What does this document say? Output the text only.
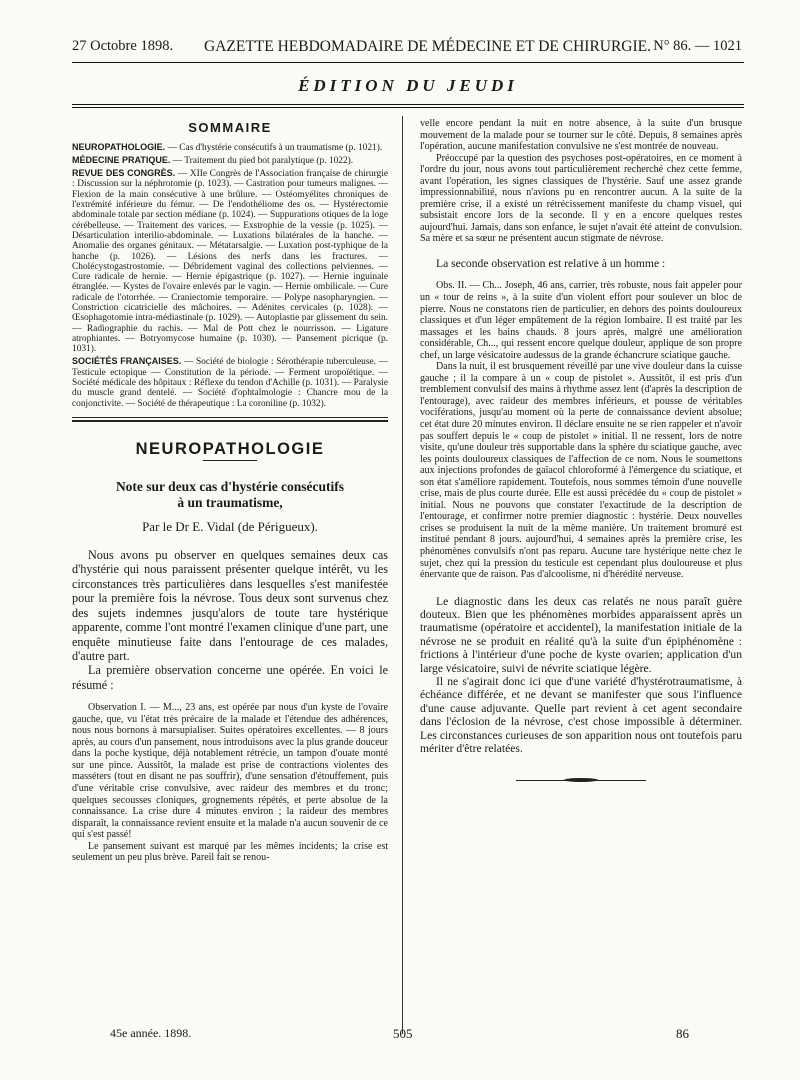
27 Octobre 1898. GAZETTE HEBDOMADAIRE DE MÉDECINE ET DE CHIRURGIE. N° 86. — 1021
ÉDITION DU JEUDI
SOMMAIRE

NEUROPATHOLOGIE. — Cas d'hystérie consécutifs à un traumatisme (p. 1021).

MÉDECINE PRATIQUE. — Traitement du pied bot paralytique (p. 1022).

REVUE DES CONGRÈS. — XIIe Congrès de l'Association française de chirurgie : Discussion sur la néphrotomie (p. 1023). — Castration pour tumeurs malignes. — Flexion de la main consécutive à une brûlure. — Ostéomyélites chroniques de l'extrémité inférieure du fémur. — De l'endothéliome des os. — Hystérectomie abdominale totale par section médiane (p. 1024). — Suppurations otiques de la loge cérébelleuse. — Traitement des varices. — Exstrophie de la vessie (p. 1025). — Désarticulation interilio-abdominale. — Luxations bilatérales de la hanche. — Anomalie des organes génitaux. — Métatarsalgie. — Luxation post-typhique de la hanche (p. 1026). — Lésions des nerfs dans les fractures. — Cholécystogastrostomie. — Débridement vaginal des collections pelviennes. — Cure radicale de hernie. — Hernie épigastrique (p. 1027). — Hernie inguinale étranglée. — Kystes de l'ovaire enlevés par le vagin. — Hernie ombilicale. — Cure radicale de l'otorrhée. — Craniectomie temporaire. — Polype nasopharyngien. — Constriction cicatricielle des mâchoires. — Adénites cervicales (p. 1028). — Œsophagotomie intra-médiastinale (p. 1029). — Autoplastie par glissement du sein. — Radiographie du rachis. — Mal de Pott chez le nourrisson. — Ligature atrophiantes. — Botryomycose humaine (p. 1030). — Pansement picrique (p. 1031).

SOCIÉTÉS FRANÇAISES. — Société de biologie : Sérothérapie tuberculeuse. — Testicule ectopique — Constitution de la période. — Ferment uropoïétique. — Société médicale des hôpitaux : Réflexe du tendon d'Achille (p. 1031). — Paralysie du muscle grand dentelé. — Société d'ophtalmologie : Chancre mou de la conjonctivite. — Société de thérapeutique : La coroniline (p. 1032).

NEUROPATHOLOGIE
Note sur deux cas d'hystérie consécutifs
à un traumatisme,
Par le Dr E. Vidal (de Périgueux).

Nous avons pu observer en quelques semaines deux cas d'hystérie qui nous paraissent présenter quelque intérêt, vu les circonstances très particulières dans lesquelles s'est manifestée pour la première fois la névrose. Tous deux sont survenus chez des sujets indemnes jusqu'alors de toute tare hystérique apparente, comme l'ont montré l'examen clinique d'une part, une enquête minutieuse faite dans l'entourage de ces malades, d'autre part.

La première observation concerne une opérée. En voici le résumé :

Observation I. — M..., 23 ans, est opérée par nous d'un kyste de l'ovaire gauche, que, vu l'état très précaire de la malade et l'étendue des adhérences, nous nous bornons à marsupialiser. Suites opératoires excellentes. — 8 jours après, au cours d'un pansement, nous introduisons avec la plus grande douceur dans la poche kystique, déjà notablement rétrécie, un tampon d'ouate monté sur une pince. Aussitôt, la malade est prise de contractions violentes des masséters (tout en disant ne pas souffrir), d'une sensation d'étouffement, puis d'une véritable crise convulsive, avec raideur des membres et du tronc; quelques secousses cloniques, grognements répétés, et perte absolue de la connaissance. La crise dure 4 minutes environ ; la raideur des membres disparaît, la connaissance revient ensuite et la malade n'a aucun souvenir de ce qui s'est passé!

Le pansement suivant est marqué par les mêmes incidents; la crise est seulement un peu plus brève. Pareil fait se renou-

velle encore pendant la nuit en notre absence, à la suite d'un brusque mouvement de la malade pour se tourner sur le côté. Depuis, 8 semaines après l'opération, aucune manifestation convulsive ne s'est montrée de nouveau.

Préoccupé par la question des psychoses post-opératoires, en ce moment à l'ordre du jour, nous avons tout particulièrement recherché chez cette femme, avant l'opération, les signes classiques de l'hystérie. Sauf une assez grande impressionnabilité, nous n'avions pu en rencontrer aucun. A la suite de la première crise, il a existé un rétrécissement manifeste du champ visuel, qui subsistait encore lors de la seconde. Il y en a encore quelques restes aujourd'hui. Jamais, dans son enfance, le sujet n'avait été atteint de convulsion. Sa mère et sa sœur ne présentent aucun stigmate de névrose.

La seconde observation est relative à un homme :

Obs. II. — Ch... Joseph, 46 ans, carrier, très robuste, nous fait appeler pour un « tour de reins », à la suite d'un violent effort pour soulever un bloc de pierre. Nous ne constatons rien de particulier, en dehors des points douloureux classiques et d'un léger empâtement de la région lombaire. Il est traité par les massages et les bains chauds. 8 jours après, malgré une amélioration considérable, Ch..., qui ressent encore quelque douleur, applique de son propre chef, un large vésicatoire audessus de la grande échancrure sciatique gauche.

Dans la nuit, il est brusquement réveillé par une vive douleur dans la cuisse gauche ; il la compare à un « coup de pistolet ». Aussitôt, il est pris d'un tremblement convulsif des mains à rhythme assez lent (d'après la description de l'entourage), avec raideur des membres inférieurs, et pousse de véritables vociférations, jusqu'au moment où la perte de connaissance devient absolue; cet état dure 20 minutes environ. Il déclare ensuite ne se rien rappeler et n'avoir pas souffert depuis le « coup de pistolet » initial. Il ne ressent, lors de notre visite, qu'une douleur très supportable dans la sphère du sciatique gauche, avec les points douloureux classiques de l'affection de ce nom. Nous le soumettons aux injections profondes de gaïacol chloroformé à l'émergence du sciatique, et son état s'améliore rapidement. Toutefois, nous sommes témoin d'une nouvelle crise, mais de plus courte durée. Elle est aussi précédée du « coup de pistolet » initial. Nous ne pouvons que constater l'exactitude de la description de l'entourage, et confirmer notre premier diagnostic : hystérie. Deux nouvelles crises se produisent la nuit de la même manière. Un traitement bromuré est institué pendant 8 jours. aujourd'hui, 4 semaines après la première crise, les phénomènes convulsifs n'ont pas reparu. Aucune tare hystérique nette chez le sujet, chez qui la pression du testicule est cependant plus douloureuse et plus énervante que de raison. Pas d'alcoolisme, ni d'hérédité nerveuse.

Le diagnostic dans les deux cas relatés ne nous paraît guère douteux. Bien que les phénomènes morbides apparaissent après un traumatisme (opératoire et accidentel), la manifestation initiale de la névrose ne se produit en réalité qu'à la suite d'un épiphénomène : frictions à l'intérieur d'une poche de kyste ovarien; application d'un large vésicatoire, suivi de névrite sciatique légère.

Il ne s'agirait donc ici que d'une variété d'hystérotraumatisme, à échéance différée, et ne devant se manifester que sous l'influence d'une cause adjuvante. Quelle part revient à cet agent secondaire dans l'éclosion de la névrose, c'est chose impossible à déterminer. Les circonstances curieuses de son apparition nous ont toutefois paru mériter d'être relatées.

45e année. 1898.	505	86
